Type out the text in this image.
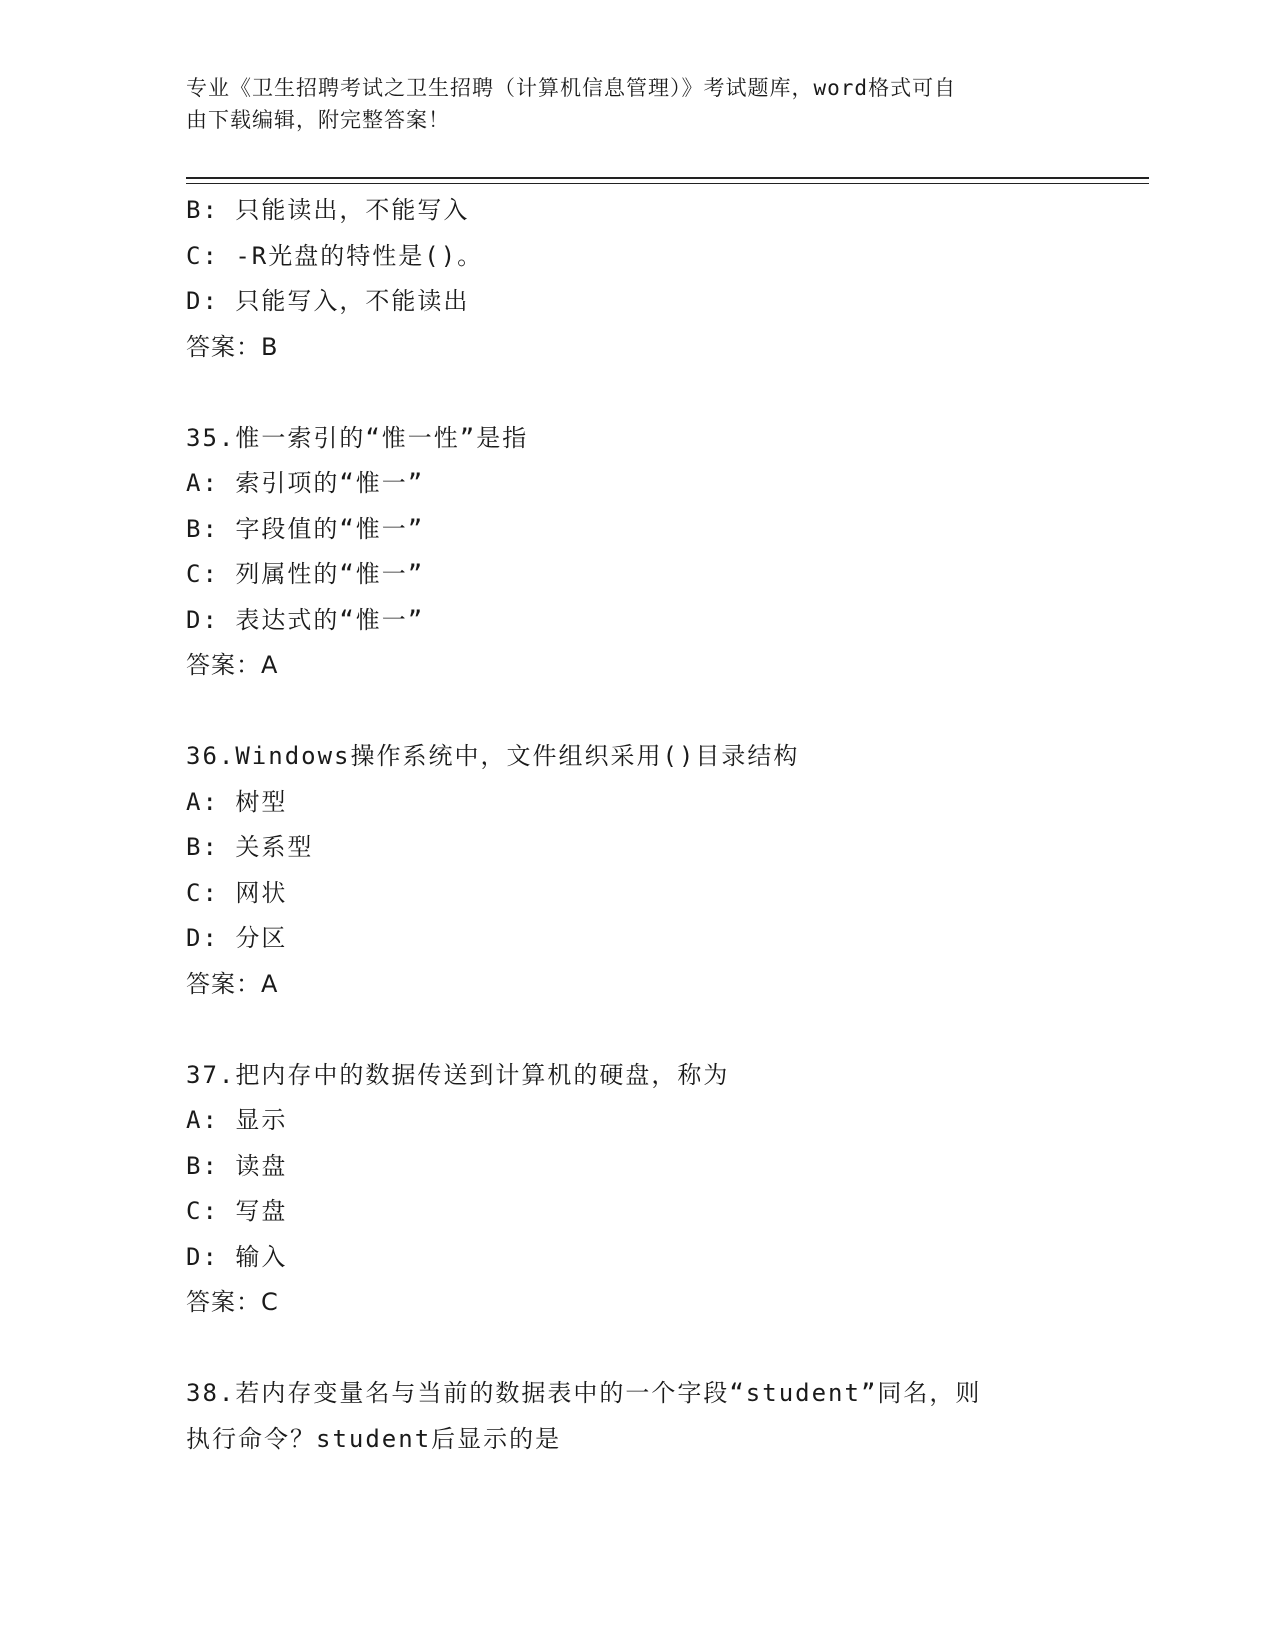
专业《卫生招聘考试之卫生招聘（计算机信息管理）》考试题库，word格式可自
由下载编辑，附完整答案！
B: 只能读出，不能写入
C: -R光盘的特性是()。
D: 只能写入，不能读出
答案：B
35.惟一索引的“惟一性”是指
A: 索引项的“惟一”
B: 字段值的“惟一”
C: 列属性的“惟一”
D: 表达式的“惟一”
答案：A
36.Windows操作系统中，文件组织采用()目录结构
A: 树型
B: 关系型
C: 网状
D: 分区
答案：A
37.把内存中的数据传送到计算机的硬盘，称为
A: 显示
B: 读盘
C: 写盘
D: 输入
答案：C
38.若内存变量名与当前的数据表中的一个字段“student”同名，则
执行命令？student后显示的是
